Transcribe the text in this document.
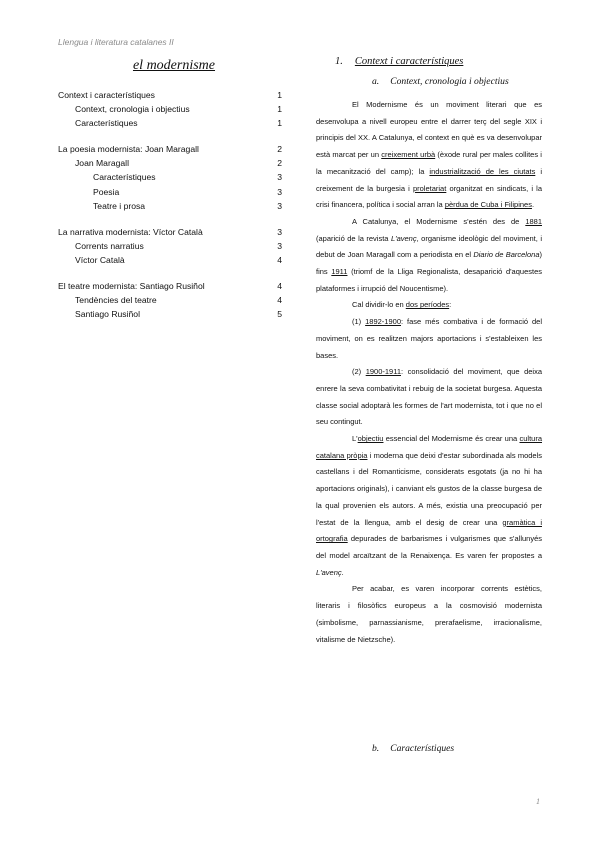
Llengua i literatura catalanes II
el modernisme
Context i característiques	1
Context, cronologia i objectius	1
Característiques	1
La poesia modernista: Joan Maragall	2
Joan Maragall	2
Característiques	3
Poesia	3
Teatre i prosa	3
La narrativa modernista: Víctor Català	3
Corrents narratius	3
Víctor Català	4
El teatre modernista: Santiago Rusiñol	4
Tendències del teatre	4
Santiago Rusiñol	5
1. Context i característiques
a. Context, cronologia i objectius

El Modernisme és un moviment literari que es desenvolupa a nivell europeu entre el darrer terç del segle XIX i principis del XX. A Catalunya, el context en què es va desenvolupar està marcat per un creixement urbà (èxode rural per males collites i la mecanització del camp); la industrialització de les ciutats i creixement de la burgesia i proletariat organitzat en sindicats, i la crisi financera, política i social arran la pèrdua de Cuba i Filipines.

A Catalunya, el Modernisme s'estén des de 1881 (aparició de la revista L'avenç, organisme ideològic del moviment, i debut de Joan Maragall com a periodista en el Diario de Barcelona) fins 1911 (triomf de la Lliga Regionalista, desaparició d'aquestes plataformes i irrupció del Noucentisme).

Cal dividir-lo en dos períodes:

(1) 1892-1900: fase més combativa i de formació del moviment, on es realitzen majors aportacions i s'estableixen les bases.

(2) 1900-1911: consolidació del moviment, que deixa enrere la seva combativitat i rebuig de la societat burgesa. Aquesta classe social adoptarà les formes de l'art modernista, tot i que no el seu contingut.

L'objectiu essencial del Modernisme és crear una cultura catalana pròpia i moderna que deixi d'estar subordinada als models castellans i del Romanticisme, considerats esgotats (ja no hi ha aportacions originals), i canviant els gustos de la classe burgesa de la qual provenien els autors. A més, existia una preocupació per l'estat de la llengua, amb el desig de crear una gramàtica i ortografia depurades de barbarismes i vulgarismes que s'allunyés del model arcaïtzant de la Renaixença. Es varen fer propostes a L'avenç.

Per acabar, es varen incorporar corrents estètics, literaris i filosòfics europeus a la cosmovisió modernista (simbolisme, parnassianisme, prerafaelisme, irracionalisme, vitalisme de Nietzsche).

b. Característiques
1
